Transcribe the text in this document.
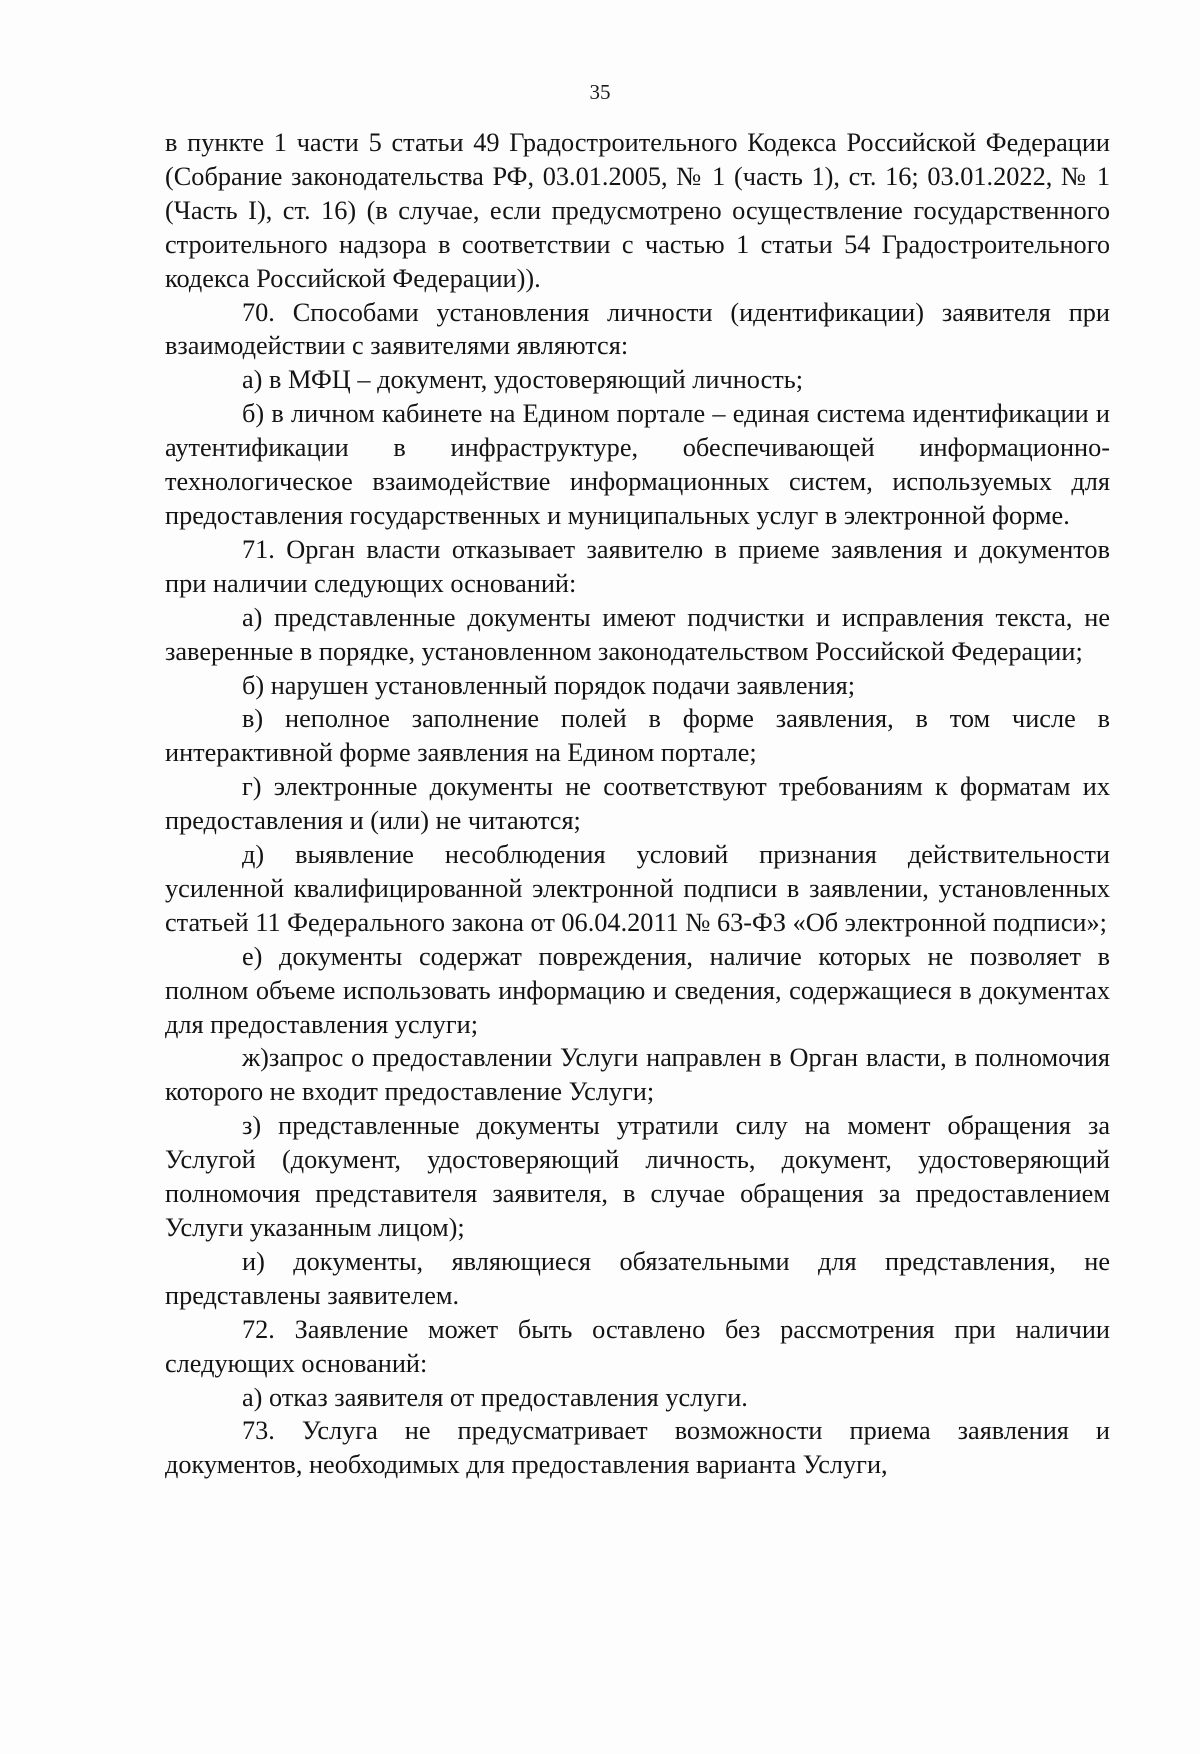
35

в пункте 1 части 5 статьи 49 Градостроительного Кодекса Российской Федерации (Собрание законодательства РФ, 03.01.2005, № 1 (часть 1), ст. 16; 03.01.2022, № 1 (Часть I), ст. 16) (в случае, если предусмотрено осуществление государственного строительного надзора в соответствии с частью 1 статьи 54 Градостроительного кодекса Российской Федерации)).

70. Способами установления личности (идентификации) заявителя при взаимодействии с заявителями являются:

а) в МФЦ – документ, удостоверяющий личность;

б) в личном кабинете на Едином портале – единая система идентификации и аутентификации в инфраструктуре, обеспечивающей информационно-технологическое взаимодействие информационных систем, используемых для предоставления государственных и муниципальных услуг в электронной форме.

71. Орган власти отказывает заявителю в приеме заявления и документов при наличии следующих оснований:

а) представленные документы имеют подчистки и исправления текста, не заверенные в порядке, установленном законодательством Российской Федерации;

б) нарушен установленный порядок подачи заявления;

в) неполное заполнение полей в форме заявления, в том числе в интерактивной форме заявления на Едином портале;

г) электронные документы не соответствуют требованиям к форматам их предоставления и (или) не читаются;

д) выявление несоблюдения условий признания действительности усиленной квалифицированной электронной подписи в заявлении, установленных статьей 11 Федерального закона от 06.04.2011 № 63-ФЗ «Об электронной подписи»;

е) документы содержат повреждения, наличие которых не позволяет в полном объеме использовать информацию и сведения, содержащиеся в документах для предоставления услуги;

ж)запрос о предоставлении Услуги направлен в Орган власти, в полномочия которого не входит предоставление Услуги;

з) представленные документы утратили силу на момент обращения за Услугой (документ, удостоверяющий личность, документ, удостоверяющий полномочия представителя заявителя, в случае обращения за предоставлением Услуги указанным лицом);

и) документы, являющиеся обязательными для представления, не представлены заявителем.

72. Заявление может быть оставлено без рассмотрения при наличии следующих оснований:

а) отказ заявителя от предоставления услуги.

73. Услуга не предусматривает возможности приема заявления и документов, необходимых для предоставления варианта Услуги,
